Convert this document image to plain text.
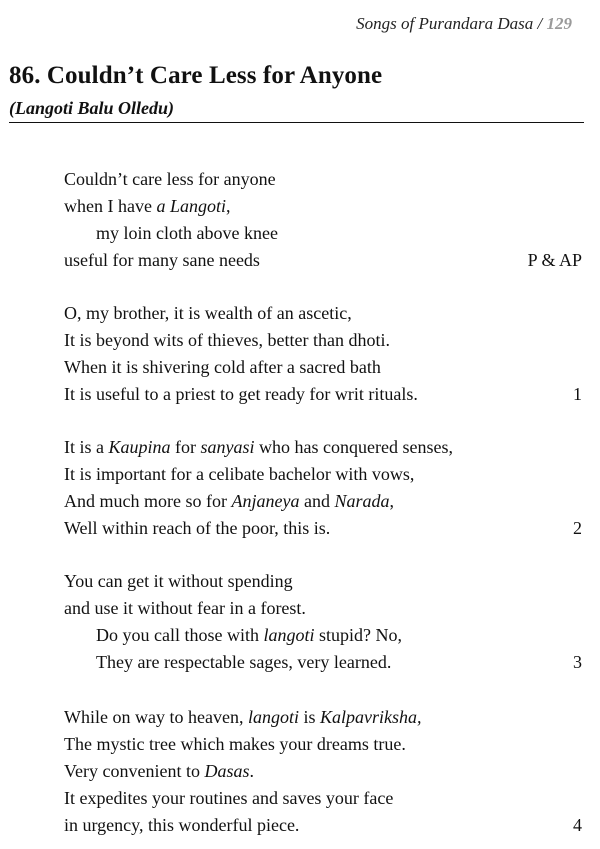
Songs of Purandara Dasa / 129
86. Couldn’t Care Less for Anyone
(Langoti Balu Olledu)
Couldn’t care less for anyone
when I have a Langoti,
my loin cloth above knee
useful for many sane needs	P & AP
O, my brother, it is wealth of an ascetic,
It is beyond wits of thieves, better than dhoti.
When it is shivering cold after a sacred bath
It is useful to a priest to get ready for writ rituals.	1
It is a Kaupina for sanyasi who has conquered senses,
It is important for a celibate bachelor with vows,
And much more so for Anjaneya and Narada,
Well within reach of the poor, this is.	2
You can get it without spending
and use it without fear in a forest.
Do you call those with langoti stupid? No,
They are respectable sages, very learned.	3
While on way to heaven, langoti is Kalpavriksha,
The mystic tree which makes your dreams true.
Very convenient to Dasas.
It expedites your routines and saves your face
in urgency, this wonderful piece.	4
